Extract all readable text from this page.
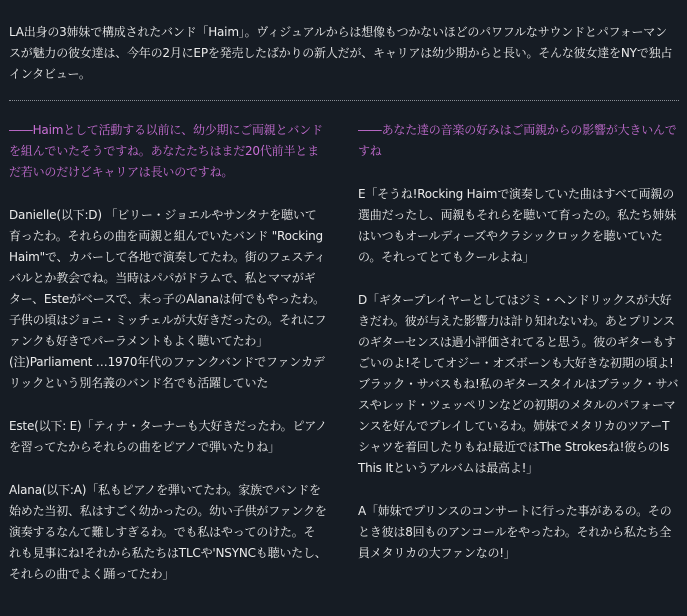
LA出身の3姉妹で構成されたバンド「Haim」。ヴィジュアルからは想像もつかないほどのパワフルなサウンドとパフォーマンスが魅力の彼女達は、今年の2月にEPを発売したばかりの新人だが、キャリアは幼少期からと長い。そんな彼女達をNYで独占インタビュー。

――Haimとして活動する以前に、幼少期にご両親とバンドを組んでいたそうですね。あなたたちはまだ20代前半とまだ若いのだけどキャリアは長いのですね。

Danielle(以下:D) 「ビリー・ジョエルやサンタナを聴いて育ったわ。それらの曲を両親と組んでいたバンド "Rocking Haim"で、カバーして各地で演奏してたわ。街のフェスティバルとか教会でね。当時はパパがドラムで、私とママがギター、Esteがベースで、末っ子のAlanaは何でもやったわ。子供の頃はジョニ・ミッチェルが大好きだったの。それにファンクも好きでパーラメントもよく聴いてたわ」

(注)Parliament …1970年代のファンクバンドでファンカデリックという別名義のバンド名でも活躍していた

Este(以下: E)「ティナ・ターナーも大好きだったわ。ピアノを習ってたからそれらの曲をピアノで弾いたりね」

Alana(以下:A)「私もピアノを弾いてたわ。家族でバンドを始めた当初、私はすごく幼かったの。幼い子供がファンクを演奏するなんて難しすぎるわ。でも私はやってのけた。それも見事にね!それから私たちはTLCや'NSYNCも聴いたし、それらの曲でよく踊ってたわ」

――あなた達の音楽の好みはご両親からの影響が大きいんですね

E「そうね!Rocking Haimで演奏していた曲はすべて両親の選曲だったし、両親もそれらを聴いて育ったの。私たち姉妹はいつもオールディーズやクラシックロックを聴いていたの。それってとてもクールよね」

D「ギタープレイヤーとしてはジミ・ヘンドリックスが大好きだわ。彼が与えた影響力は計り知れないわ。あとプリンスのギターセンスは過小評価されてると思う。彼のギターもすごいのよ!そしてオジー・オズボーンも大好きな初期の頃よ!ブラック・サバスもね!私のギタースタイルはブラック・サバスやレッド・ツェッペリンなどの初期のメタルのパフォーマンスを好んでプレイしているわ。姉妹でメタリカのツアーTシャツを着回したりもね!最近ではThe Strokesね!彼らのIs This Itというアルバムは最高よ!」

A「姉妹でプリンスのコンサートに行った事があるの。そのとき彼は8回ものアンコールをやったわ。それから私たち全員メタリカの大ファンなの!」
